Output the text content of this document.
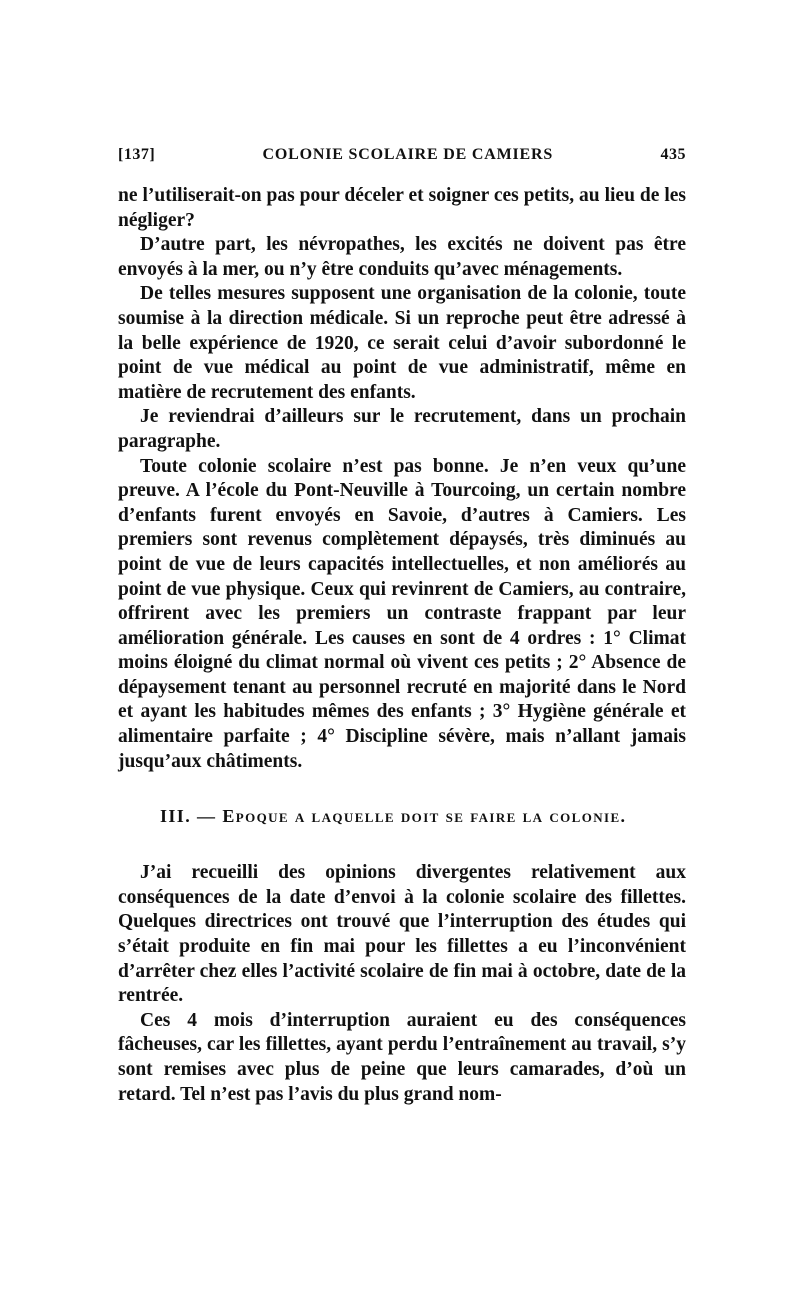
[137]	COLONIE SCOLAIRE DE CAMIERS	435

ne l’utiliserait-on pas pour déceler et soigner ces petits, au lieu de les négliger?

D’autre part, les névropathes, les excités ne doivent pas être envoyés à la mer, ou n’y être conduits qu’avec ménagements.

De telles mesures supposent une organisation de la colonie, toute soumise à la direction médicale. Si un reproche peut être adressé à la belle expérience de 1920, ce serait celui d’avoir subordonné le point de vue médical au point de vue administratif, même en matière de recrutement des enfants.

Je reviendrai d’ailleurs sur le recrutement, dans un prochain paragraphe.

Toute colonie scolaire n’est pas bonne. Je n’en veux qu’une preuve. A l’école du Pont-Neuville à Tourcoing, un certain nombre d’enfants furent envoyés en Savoie, d’autres à Camiers. Les premiers sont revenus complètement dépaysés, très diminués au point de vue de leurs capacités intellectuelles, et non améliorés au point de vue physique. Ceux qui revinrent de Camiers, au contraire, offrirent avec les premiers un contraste frappant par leur amélioration générale. Les causes en sont de 4 ordres : 1° Climat moins éloigné du climat normal où vivent ces petits ; 2° Absence de dépaysement tenant au personnel recruté en majorité dans le Nord et ayant les habitudes mêmes des enfants ; 3° Hygiène générale et alimentaire parfaite ; 4° Discipline sévère, mais n’allant jamais jusqu’aux châtiments.

III. — Epoque a laquelle doit se faire la colonie.

J’ai recueilli des opinions divergentes relativement aux conséquences de la date d’envoi à la colonie scolaire des fillettes. Quelques directrices ont trouvé que l’interruption des études qui s’était produite en fin mai pour les fillettes a eu l’inconvénient d’arrêter chez elles l’activité scolaire de fin mai à octobre, date de la rentrée.

Ces 4 mois d’interruption auraient eu des conséquences fâcheuses, car les fillettes, ayant perdu l’entraînement au travail, s’y sont remises avec plus de peine que leurs camarades, d’où un retard. Tel n’est pas l’avis du plus grand nom-
